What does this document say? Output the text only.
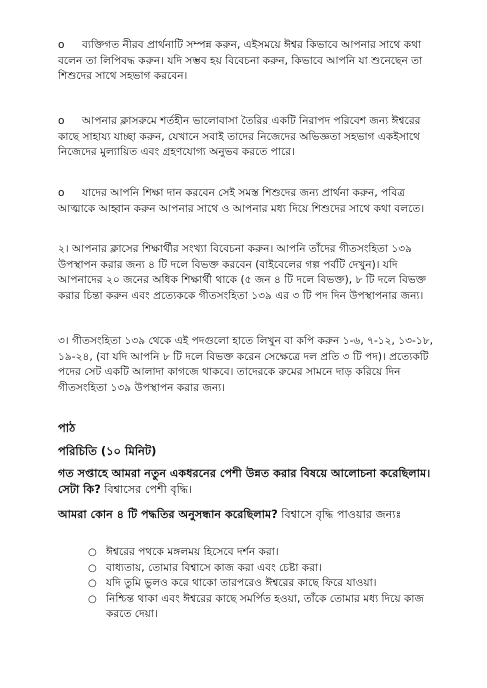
o ব্যক্তিগত নীরব প্রার্থনাটি সম্পন্ন করুন, এইসময়ে ঈশ্বর কিভাবে আপনার সাথে কথা বলেন তা লিপিবদ্ধ করুন। যদি সম্ভব হয় বিবেচনা করুন, কিভাবে আপনি যা শুনেছেন তা শিশুদের সাথে সহভাগ করবেন।

o আপনার ক্লাসরুমে শর্তহীন ভালোবাসা তৈরির একটি নিরাপদ পরিবেশ জন্য ঈশ্বরের কাছে সাহায্য যাচ্ছা করুন, যেখানে সবাই তাদের নিজেদের অভিজ্ঞতা সহভাগ একইসাথে নিজেদের মুল্যায়িত এবং গ্রহণযোগ্য অনুভব করতে পারে।

o যাদের আপনি শিক্ষা দান করবেন সেই সমস্ত শিশুদের জন্য প্রার্থনা করুন, পবিত্র আত্মাকে আহ্বান করুন আপনার সাথে ও আপনার মধ্য দিয়ে শিশুদের সাথে কথা বলতে।

২। আপনার ক্লাসের শিক্ষার্থীর সংখ্যা বিবেচনা করুন। আপনি তাঁদের গীতসংহিতা ১৩৯ উপস্থাপন করার জন্য ৪ টি দলে বিভক্ত করবেন (বাইবেলের গল্প পর্বটি দেখুন)। যদি আপনাদের ২০ জনের অধিক শিক্ষার্থী থাকে (৫ জন ৪ টি দলে বিভক্ত), ৮ টি দলে বিভক্ত করার চিন্তা করুন এবং প্রত্যেককে গীতসংহিতা ১৩৯ এর ৩ টি পদ দিন উপস্থাপনার জন্য।

৩। গীতসংহিতা ১৩৯ থেকে এই পদগুলো হাতে লিখুন বা কপি করুন ১-৬, ৭-১২, ১৩-১৮, ১৯-২৪, (বা যদি আপনি ৮ টি দলে বিভক্ত করেন সেক্ষেত্রে দল প্রতি ৩ টি পদ)। প্রত্যেকটি পদের সেট একটি আলাদা কাগজে থাকবে। তাদেরকে রুমের সামনে দাড় করিয়ে দিন গীতসংহিতা ১৩৯ উপস্থাপন করার জন্য।

পাঠ

পরিচিতি (১০ মিনিট)

গত সপ্তাহে আমরা নতুন একধরনের পেশী উন্নত করার বিষয়ে আলোচনা করেছিলাম। সেটা কি? বিশ্বাসের পেশী বৃদ্ধি।

আমরা কোন ৪ টি পদ্ধতির অনুসন্ধান করেছিলাম? বিশ্বাসে বৃদ্ধি পাওয়ার জন্যঃ

○ ঈশ্বরের পথকে মঙ্গলময় হিসেবে দর্শন করা।
○ বাধ্যতায়, তোমার বিশ্বাসে কাজ করা এবং চেষ্টা করা।
○ যদি তুমি ভুলও করে থাকো তারপরেও ঈশ্বরের কাছে ফিরে যাওয়া।
○ নিশ্চিন্ত থাকা এবং ঈশ্বরের কাছে সমর্পিত হওয়া, তাঁকে তোমার মধ্য দিয়ে কাজ করতে দেয়া।
